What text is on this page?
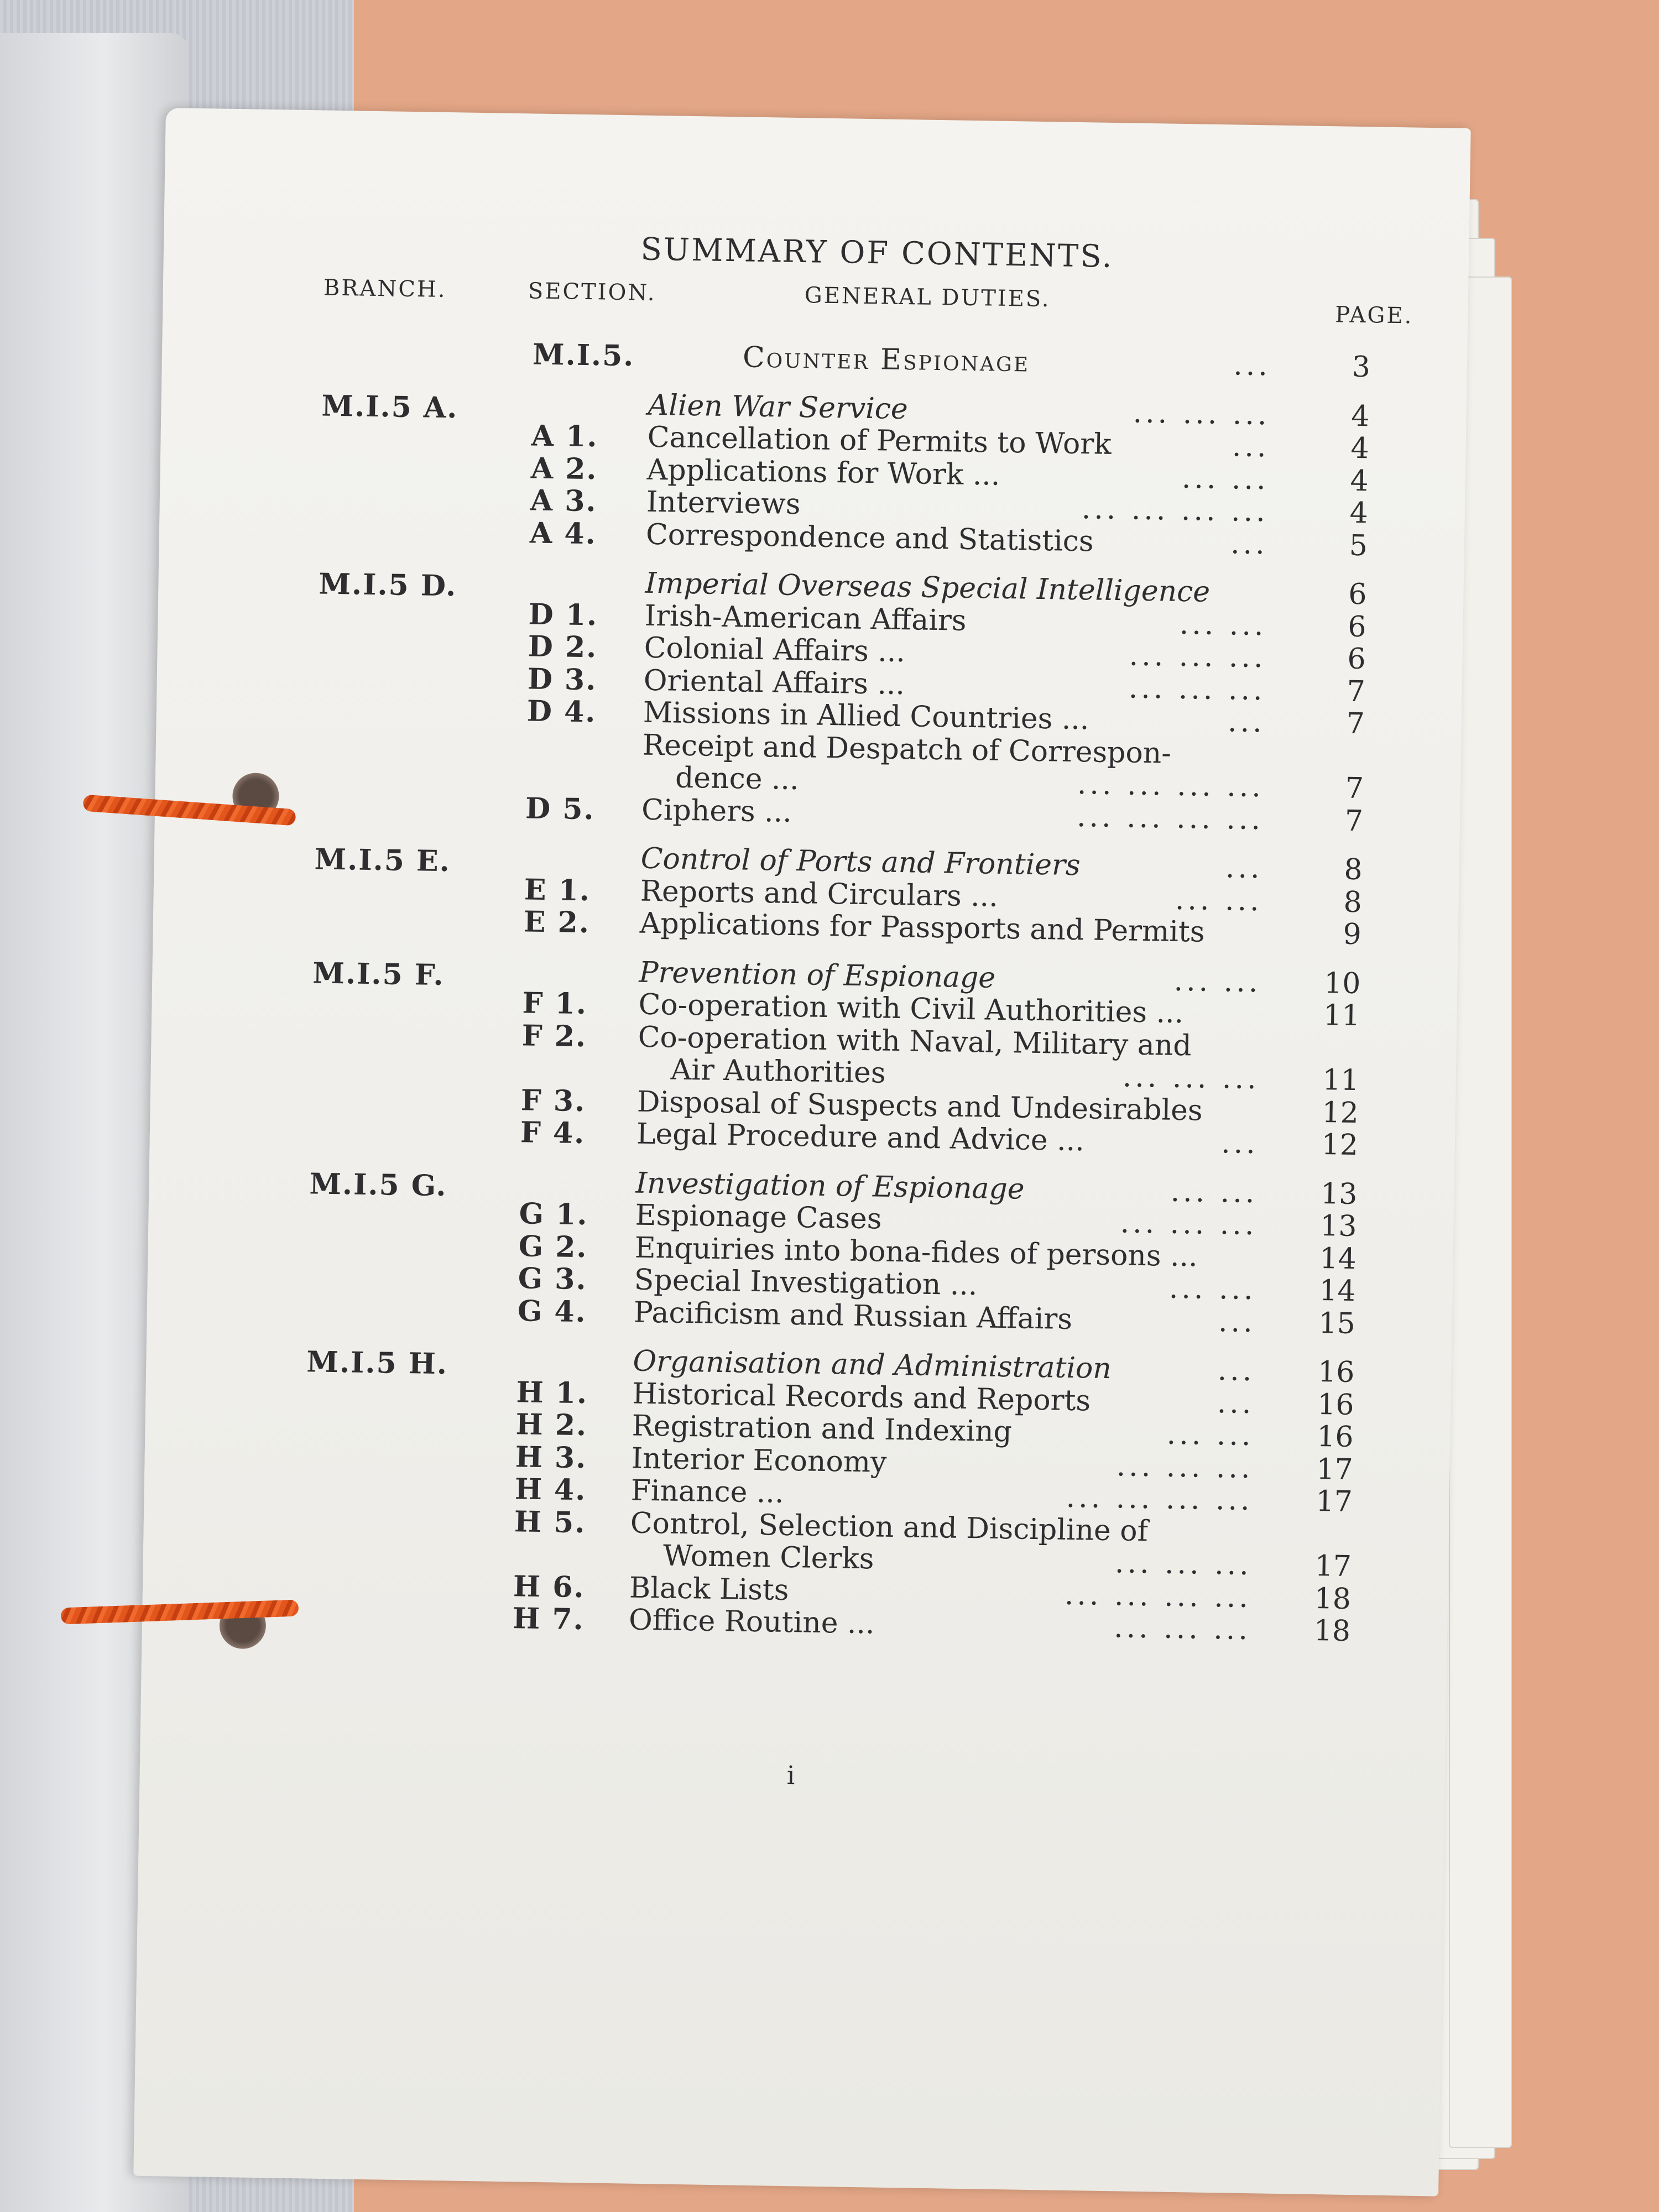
SUMMARY OF CONTENTS.
BRANCH.	SECTION.	GENERAL DUTIES.
PAGE.
M.I.5.	Counter Espionage	...	3
M.I.5 A.	Alien War Service	... ... ...	4
A 1. Cancellation of Permits to Work	...	4
A 2. Applications for Work ...	... ...	4
A 3. Interviews	... ... ... ...	4
A 4. Correspondence and Statistics	...	5
M.I.5 D.	Imperial Overseas Special Intelligence	6
D 1. Irish-American Affairs	... ...	6
D 2. Colonial Affairs ...	... ... ...	6
D 3. Oriental Affairs ...	... ... ...	7
D 4. Missions in Allied Countries ...	...	7
Receipt and Despatch of Correspon-
dence ...	... ... ... ...	7
D 5. Ciphers ...	... ... ... ...	7
M.I.5 E.	Control of Ports and Frontiers	...	8
E 1. Reports and Circulars ...	... ...	8
E 2. Applications for Passports and Permits	9
M.I.5 F.	Prevention of Espionage	... ...	10
F 1. Co-operation with Civil Authorities ...	11
F 2. Co-operation with Naval, Military and
Air Authorities	... ... ...	11
F 3. Disposal of Suspects and Undesirables	12
F 4. Legal Procedure and Advice ...	...	12
M.I.5 G.	Investigation of Espionage	... ...	13
G 1. Espionage Cases	... ... ...	13
G 2. Enquiries into bona-fides of persons ...	14
G 3. Special Investigation ...	... ...	14
G 4. Pacificism and Russian Affairs	...	15
M.I.5 H.	Organisation and Administration	...	16
H 1. Historical Records and Reports	...	16
H 2. Registration and Indexing	... ...	16
H 3. Interior Economy	... ... ...	17
H 4. Finance ...	... ... ... ...	17
H 5. Control, Selection and Discipline of
Women Clerks	... ... ...	17
H 6. Black Lists	... ... ... ...	18
H 7. Office Routine ...	... ... ...	18
i
